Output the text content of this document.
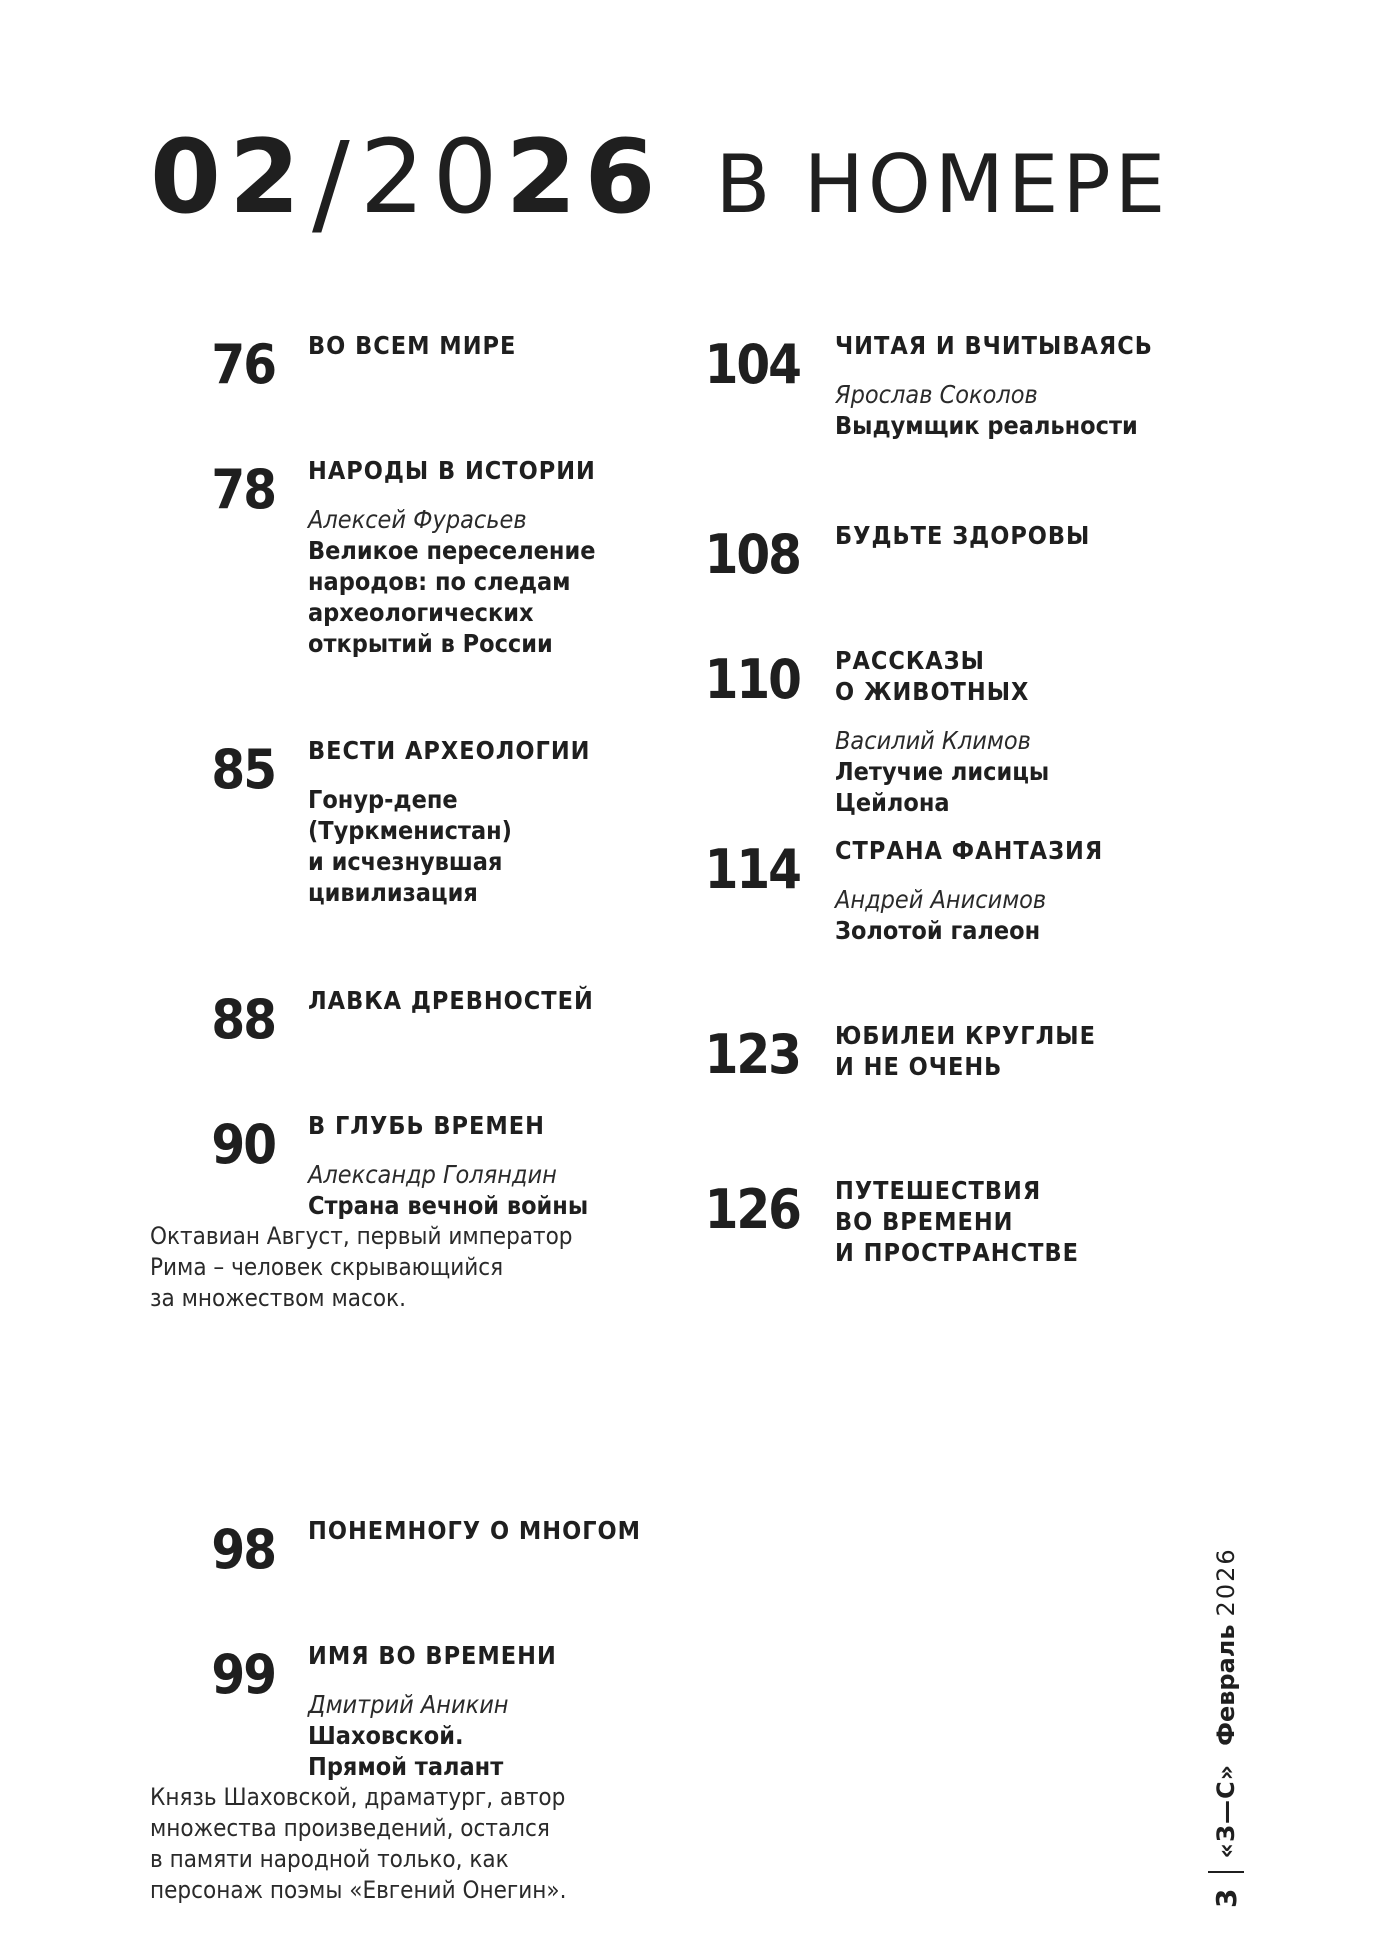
02 / 20 26 В НОМЕРЕ
76 ВО ВСЕМ МИРЕ
78 НАРОДЫ В ИСТОРИИ
Алексей Фурасьев
Великое переселение
народов: по следам
археологических
открытий в России
85 ВЕСТИ АРХЕОЛОГИИ
Гонур-депе
(Туркменистан)
и исчезнувшая
цивилизация
88 ЛАВКА ДРЕВНОСТЕЙ
90 В ГЛУБЬ ВРЕМЕН
Александр Голяндин
Страна вечной войны
Октавиан Август, первый император
Рима – человек скрывающийся
за множеством масок.
98 ПОНЕМНОГУ О МНОГОМ
99 ИМЯ ВО ВРЕМЕНИ
Дмитрий Аникин
Шаховской.
Прямой талант
Князь Шаховской, драматург, автор
множества произведений, остался
в памяти народной только, как
персонаж поэмы «Евгений Онегин».
104 ЧИТАЯ И ВЧИТЫВАЯСЬ
Ярослав Соколов
Выдумщик реальности
108 БУДЬТЕ ЗДОРОВЫ
110 РАССКАЗЫ
О ЖИВОТНЫХ
Василий Климов
Летучие лисицы
Цейлона
114 СТРАНА ФАНТАЗИЯ
Андрей Анисимов
Золотой галеон
123 ЮБИЛЕИ КРУГЛЫЕ
И НЕ ОЧЕНЬ
126 ПУТЕШЕСТВИЯ
ВО ВРЕМЕНИ
И ПРОСТРАНСТВЕ
3
«З—С»
Февраль
2026
